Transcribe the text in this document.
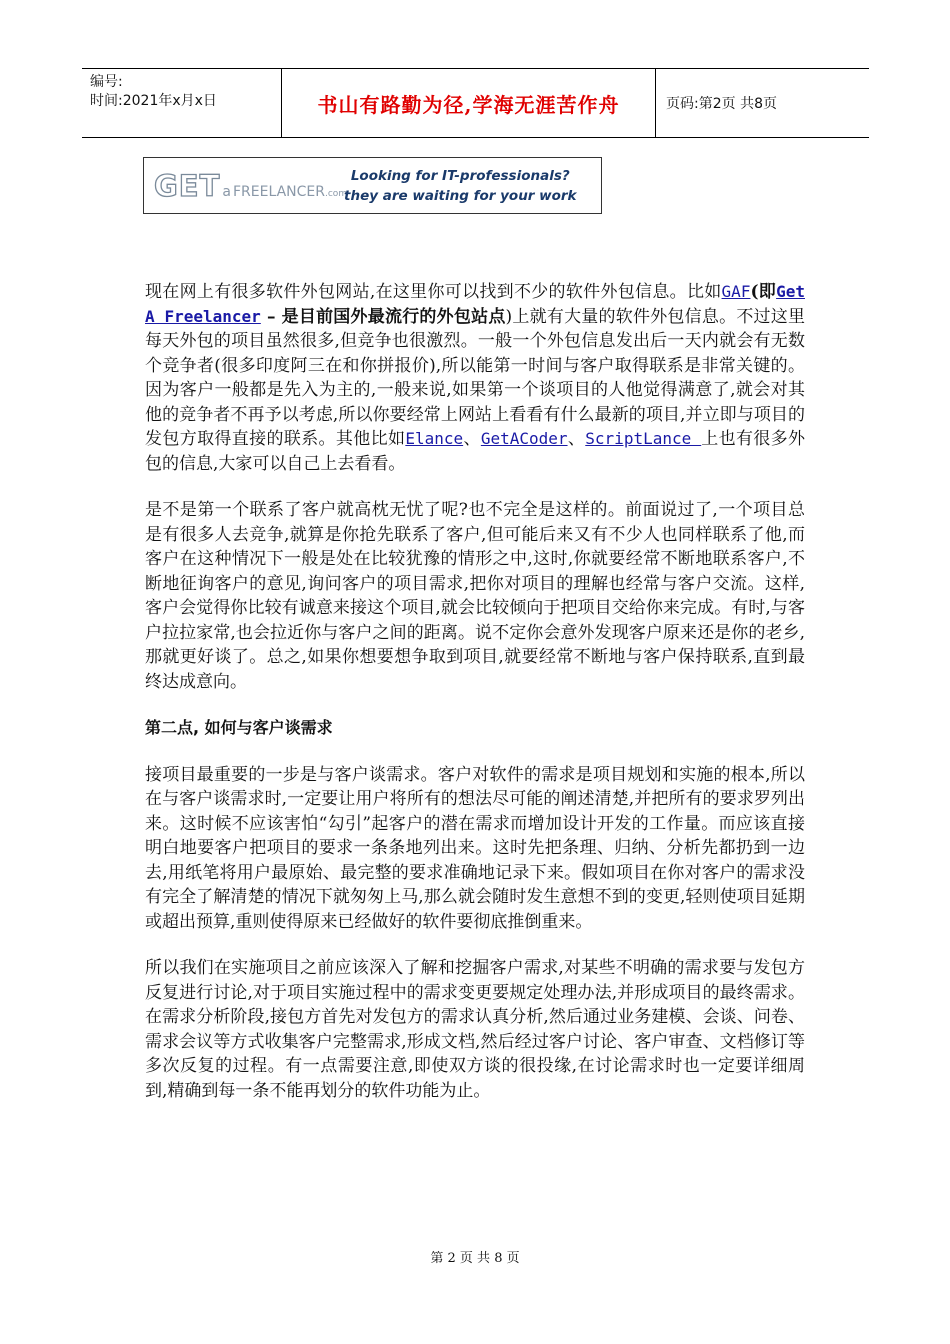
编号:
时间:2021年x月x日	书山有路勤为径,学海无涯苦作舟	页码:第2页 共8页
GET a FREELANCER .com
Looking for IT-professionals?
they are waiting for your work

现在网上有很多软件外包网站,在这里你可以找到不少的软件外包信息。比如GAF(即Get A Freelancer – 是目前国外最流行的外包站点)上就有大量的软件外包信息。不过这里每天外包的项目虽然很多,但竞争也很激烈。一般一个外包信息发出后一天内就会有无数个竞争者(很多印度阿三在和你拼报价),所以能第一时间与客户取得联系是非常关键的。因为客户一般都是先入为主的,一般来说,如果第一个谈项目的人他觉得满意了,就会对其他的竞争者不再予以考虑,所以你要经常上网站上看看有什么最新的项目,并立即与项目的发包方取得直接的联系。其他比如Elance、GetACoder、ScriptLance 上也有很多外包的信息,大家可以自己上去看看。

是不是第一个联系了客户就高枕无忧了呢?也不完全是这样的。前面说过了,一个项目总是有很多人去竞争,就算是你抢先联系了客户,但可能后来又有不少人也同样联系了他,而客户在这种情况下一般是处在比较犹豫的情形之中,这时,你就要经常不断地联系客户,不断地征询客户的意见,询问客户的项目需求,把你对项目的理解也经常与客户交流。这样,客户会觉得你比较有诚意来接这个项目,就会比较倾向于把项目交给你来完成。有时,与客户拉拉家常,也会拉近你与客户之间的距离。说不定你会意外发现客户原来还是你的老乡,那就更好谈了。总之,如果你想要想争取到项目,就要经常不断地与客户保持联系,直到最终达成意向。

第二点, 如何与客户谈需求

接项目最重要的一步是与客户谈需求。客户对软件的需求是项目规划和实施的根本,所以在与客户谈需求时,一定要让用户将所有的想法尽可能的阐述清楚,并把所有的要求罗列出来。这时候不应该害怕“勾引”起客户的潜在需求而增加设计开发的工作量。而应该直接明白地要客户把项目的要求一条条地列出来。这时先把条理、归纳、分析先都扔到一边去,用纸笔将用户最原始、最完整的要求准确地记录下来。假如项目在你对客户的需求没有完全了解清楚的情况下就匆匆上马,那么就会随时发生意想不到的变更,轻则使项目延期或超出预算,重则使得原来已经做好的软件要彻底推倒重来。

所以我们在实施项目之前应该深入了解和挖掘客户需求,对某些不明确的需求要与发包方反复进行讨论,对于项目实施过程中的需求变更要规定处理办法,并形成项目的最终需求。在需求分析阶段,接包方首先对发包方的需求认真分析,然后通过业务建模、会谈、问卷、需求会议等方式收集客户完整需求,形成文档,然后经过客户讨论、客户审查、文档修订等多次反复的过程。有一点需要注意,即使双方谈的很投缘,在讨论需求时也一定要详细周到,精确到每一条不能再划分的软件功能为止。

第 2 页 共 8 页
